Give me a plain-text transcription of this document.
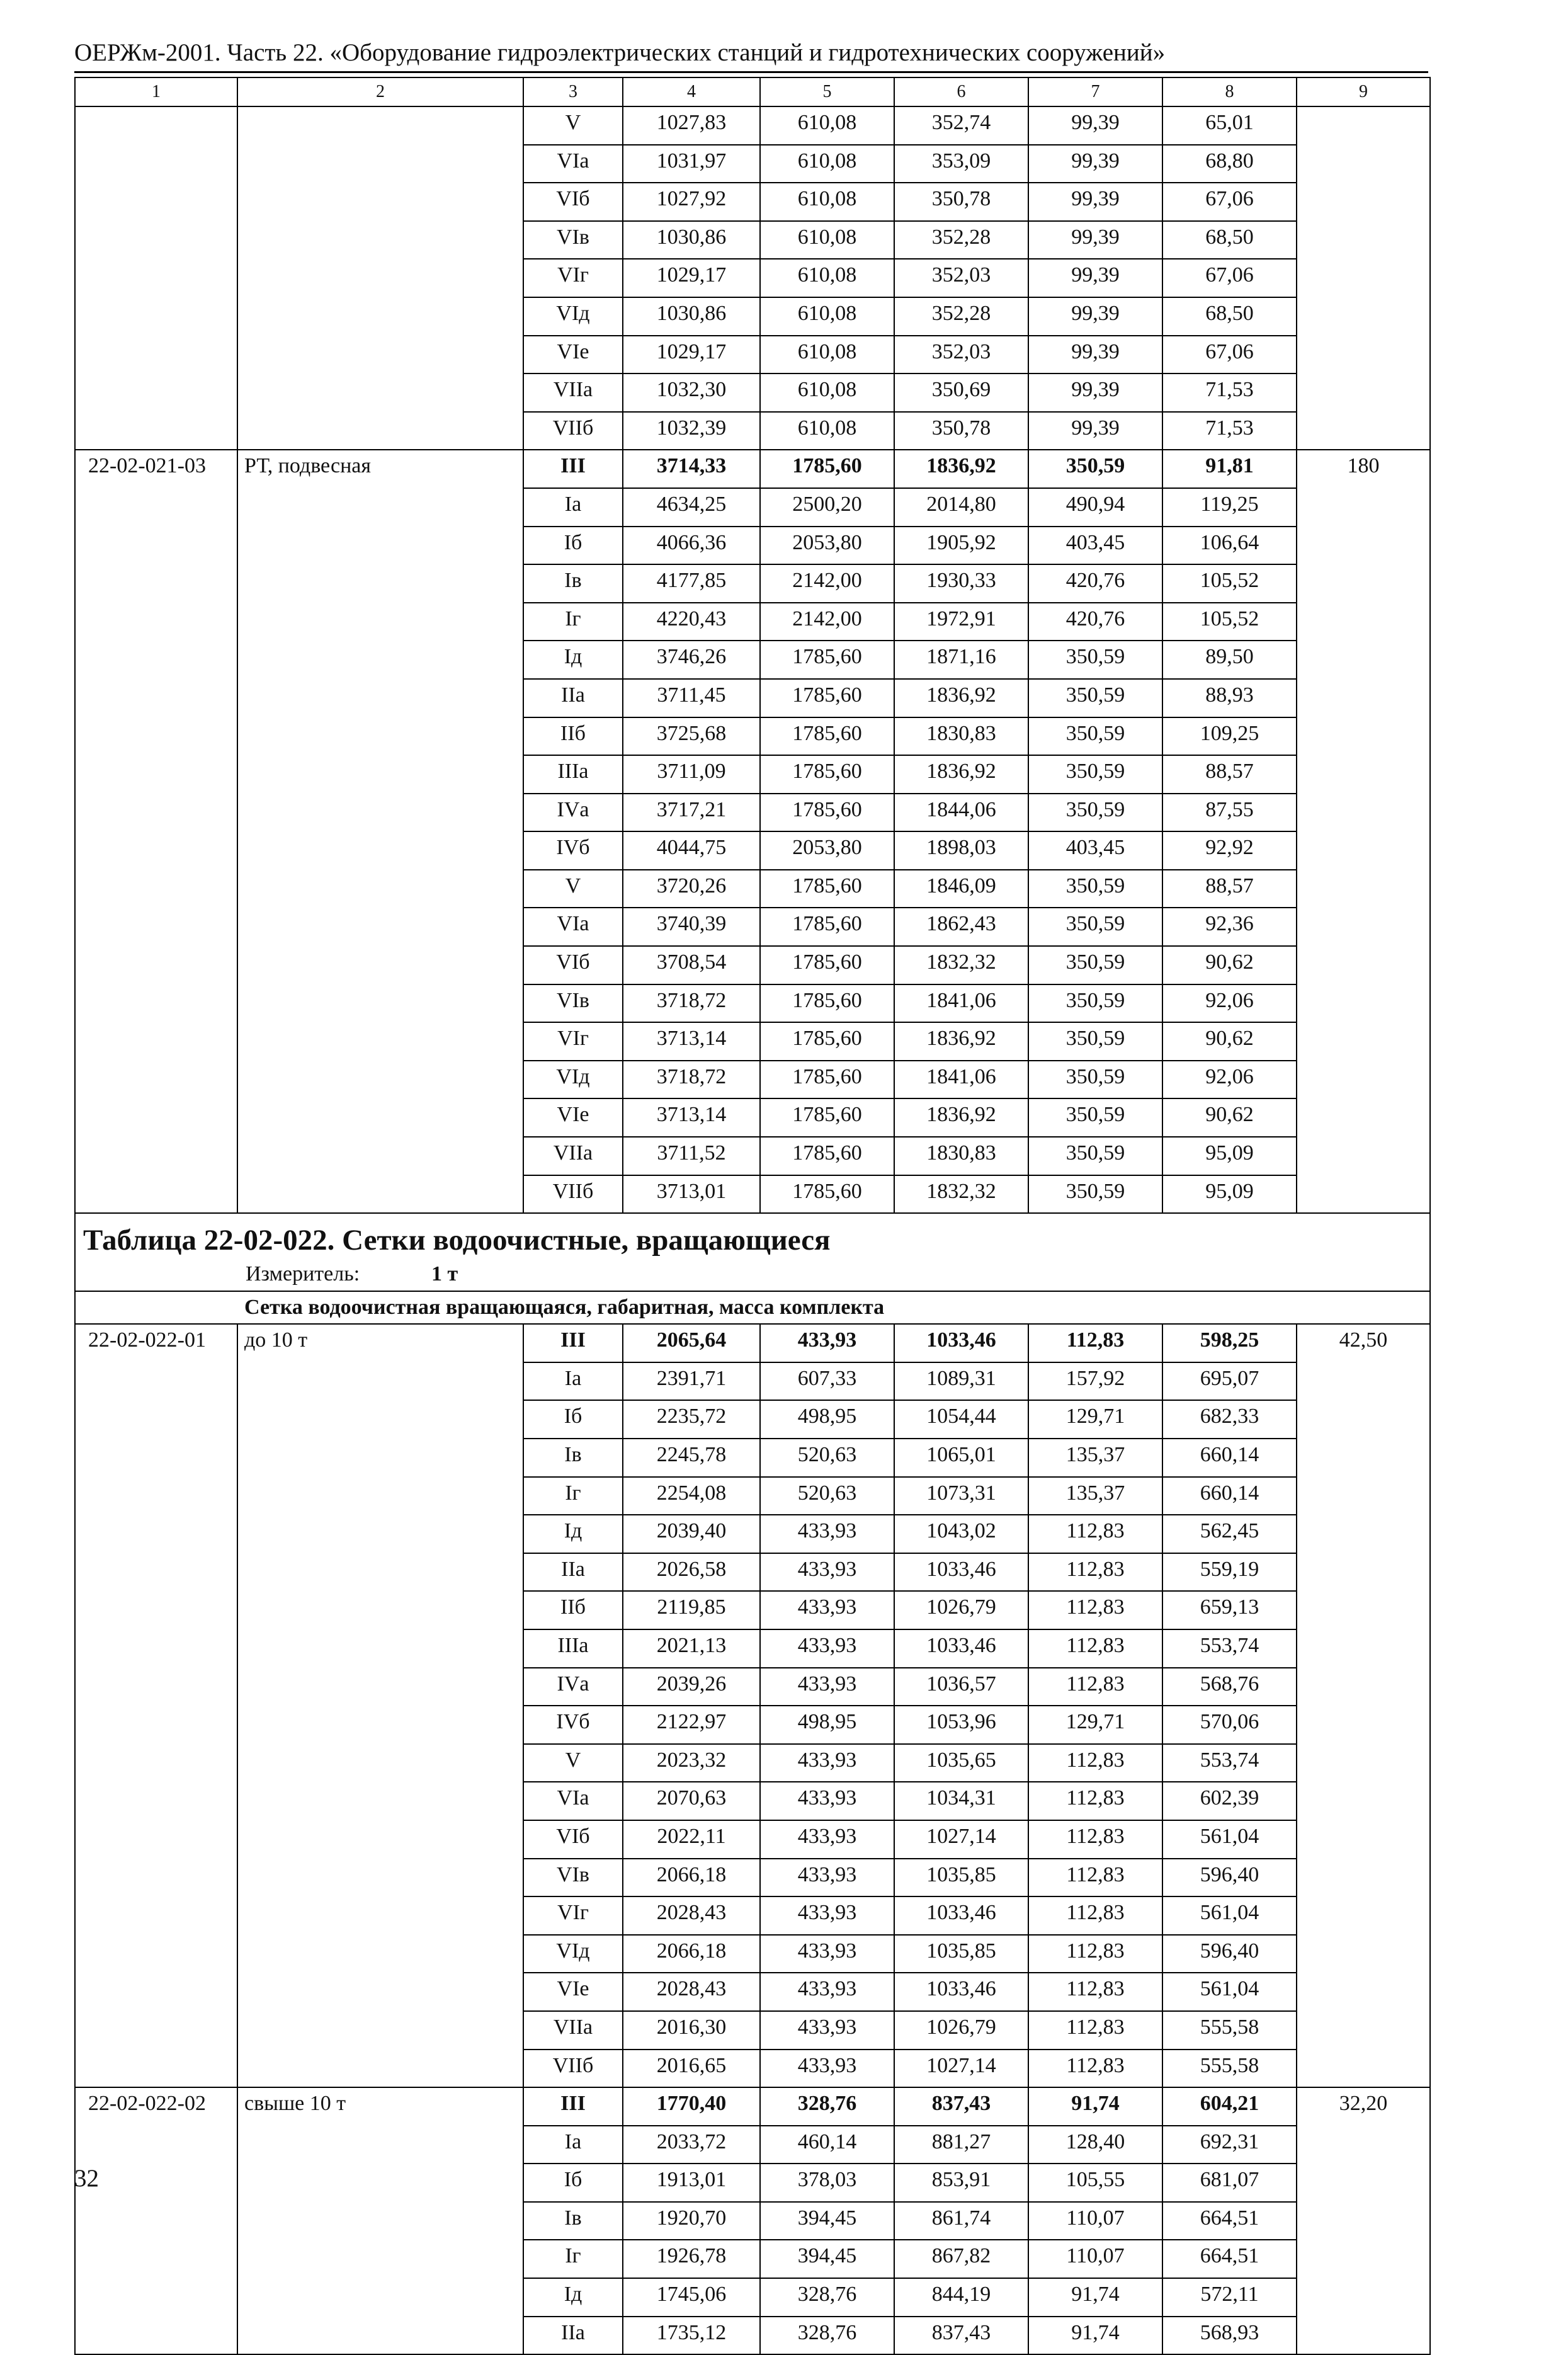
ОЕРЖм-2001. Часть 22. «Оборудование гидроэлектрических станций и гидротехнических сооружений»
1	2	3	4	5	6	7	8	9
		V	1027,83	610,08	352,74	99,39	65,01	
		VIа	1031,97	610,08	353,09	99,39	68,80	
		VIб	1027,92	610,08	350,78	99,39	67,06	
		VIв	1030,86	610,08	352,28	99,39	68,50	
		VIг	1029,17	610,08	352,03	99,39	67,06	
		VIд	1030,86	610,08	352,28	99,39	68,50	
		VIе	1029,17	610,08	352,03	99,39	67,06	
		VIIа	1032,30	610,08	350,69	99,39	71,53	
		VIIб	1032,39	610,08	350,78	99,39	71,53	
22-02-021-03	РТ, подвесная	III	3714,33	1785,60	1836,92	350,59	91,81	180
		Iа	4634,25	2500,20	2014,80	490,94	119,25	
		Iб	4066,36	2053,80	1905,92	403,45	106,64	
		Iв	4177,85	2142,00	1930,33	420,76	105,52	
		Iг	4220,43	2142,00	1972,91	420,76	105,52	
		Iд	3746,26	1785,60	1871,16	350,59	89,50	
		IIа	3711,45	1785,60	1836,92	350,59	88,93	
		IIб	3725,68	1785,60	1830,83	350,59	109,25	
		IIIа	3711,09	1785,60	1836,92	350,59	88,57	
		IVа	3717,21	1785,60	1844,06	350,59	87,55	
		IVб	4044,75	2053,80	1898,03	403,45	92,92	
		V	3720,26	1785,60	1846,09	350,59	88,57	
		VIа	3740,39	1785,60	1862,43	350,59	92,36	
		VIб	3708,54	1785,60	1832,32	350,59	90,62	
		VIв	3718,72	1785,60	1841,06	350,59	92,06	
		VIг	3713,14	1785,60	1836,92	350,59	90,62	
		VIд	3718,72	1785,60	1841,06	350,59	92,06	
		VIе	3713,14	1785,60	1836,92	350,59	90,62	
		VIIа	3711,52	1785,60	1830,83	350,59	95,09	
		VIIб	3713,01	1785,60	1832,32	350,59	95,09	

Таблица 22-02-022. Сетки водоочистные, вращающиеся
Измеритель: 1 т								

Сетка водоочистная вращающаяся, габаритная, масса комплекта								
22-02-022-01	до 10 т	III	2065,64	433,93	1033,46	112,83	598,25	42,50
		Iа	2391,71	607,33	1089,31	157,92	695,07	
		Iб	2235,72	498,95	1054,44	129,71	682,33	
		Iв	2245,78	520,63	1065,01	135,37	660,14	
		Iг	2254,08	520,63	1073,31	135,37	660,14	
		Iд	2039,40	433,93	1043,02	112,83	562,45	
		IIа	2026,58	433,93	1033,46	112,83	559,19	
		IIб	2119,85	433,93	1026,79	112,83	659,13	
		IIIа	2021,13	433,93	1033,46	112,83	553,74	
		IVа	2039,26	433,93	1036,57	112,83	568,76	
		IVб	2122,97	498,95	1053,96	129,71	570,06	
		V	2023,32	433,93	1035,65	112,83	553,74	
		VIа	2070,63	433,93	1034,31	112,83	602,39	
		VIб	2022,11	433,93	1027,14	112,83	561,04	
		VIв	2066,18	433,93	1035,85	112,83	596,40	
		VIг	2028,43	433,93	1033,46	112,83	561,04	
		VIд	2066,18	433,93	1035,85	112,83	596,40	
		VIе	2028,43	433,93	1033,46	112,83	561,04	
		VIIа	2016,30	433,93	1026,79	112,83	555,58	
		VIIб	2016,65	433,93	1027,14	112,83	555,58	
22-02-022-02	свыше 10 т	III	1770,40	328,76	837,43	91,74	604,21	32,20
		Iа	2033,72	460,14	881,27	128,40	692,31	
		Iб	1913,01	378,03	853,91	105,55	681,07	
		Iв	1920,70	394,45	861,74	110,07	664,51	
		Iг	1926,78	394,45	867,82	110,07	664,51	
		Iд	1745,06	328,76	844,19	91,74	572,11	
		IIа	1735,12	328,76	837,43	91,74	568,93	
32
